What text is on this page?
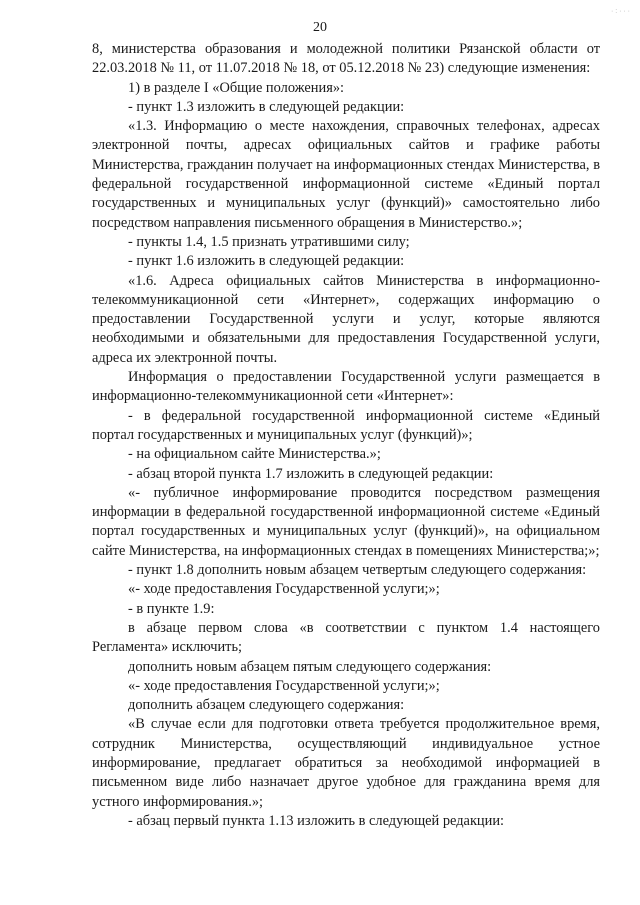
· : · · ·
20

8, министерства образования и молодежной политики Рязанской области от 22.03.2018 № 11, от 11.07.2018 № 18, от 05.12.2018 № 23) следующие изменения:

1) в разделе I «Общие положения»:

- пункт 1.3 изложить в следующей редакции:

«1.3. Информацию о месте нахождения, справочных телефонах, адресах электронной почты, адресах официальных сайтов и графике работы Министерства, гражданин получает на информационных стендах Министерства, в федеральной государственной информационной системе «Единый портал государственных и муниципальных услуг (функций)» самостоятельно либо посредством направления письменного обращения в Министерство.»;

- пункты 1.4, 1.5 признать утратившими силу;

- пункт 1.6 изложить в следующей редакции:

«1.6. Адреса официальных сайтов Министерства в информационно-телекоммуникационной сети «Интернет», содержащих информацию о предоставлении Государственной услуги и услуг, которые являются необходимыми и обязательными для предоставления Государственной услуги, адреса их электронной почты.

Информация о предоставлении Государственной услуги размещается в информационно-телекоммуникационной сети «Интернет»:

- в федеральной государственной информационной системе «Единый портал государственных и муниципальных услуг (функций)»;

- на официальном сайте Министерства.»;

- абзац второй пункта 1.7 изложить в следующей редакции:

«- публичное информирование проводится посредством размещения информации в федеральной государственной информационной системе «Единый портал государственных и муниципальных услуг (функций)», на официальном сайте Министерства, на информационных стендах в помещениях Министерства;»;

- пункт 1.8 дополнить новым абзацем четвертым следующего содержания:

«- ходе предоставления Государственной услуги;»;

- в пункте 1.9:

в абзаце первом слова «в соответствии с пунктом 1.4 настоящего Регламента» исключить;

дополнить новым абзацем пятым следующего содержания:

«- ходе предоставления Государственной услуги;»;

дополнить абзацем следующего содержания:

«В случае если для подготовки ответа требуется продолжительное время, сотрудник Министерства, осуществляющий индивидуальное устное информирование, предлагает обратиться за необходимой информацией в письменном виде либо назначает другое удобное для гражданина время для устного информирования.»;

- абзац первый пункта 1.13 изложить в следующей редакции:
